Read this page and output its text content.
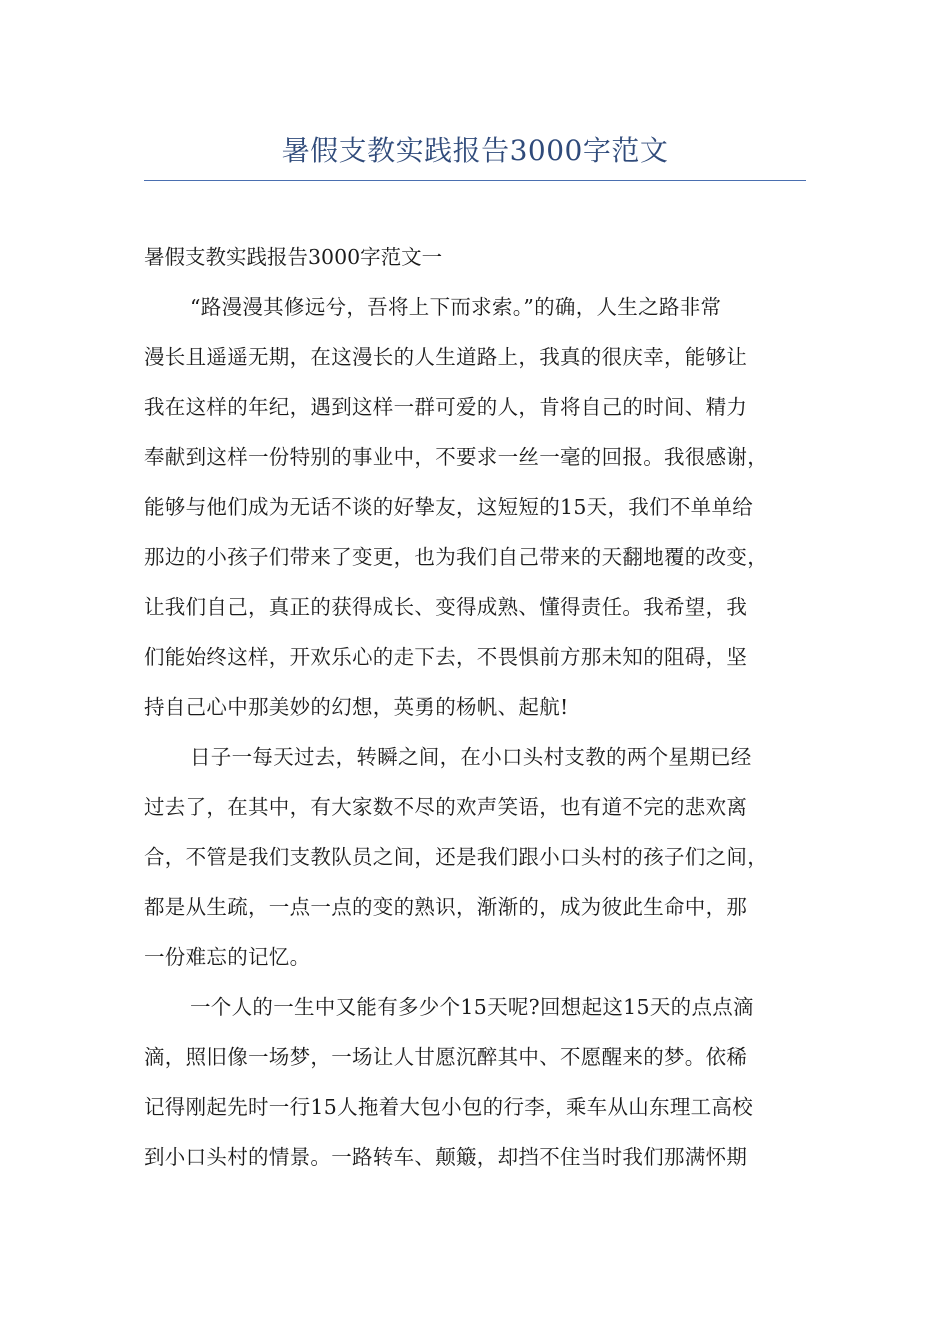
暑假支教实践报告3000字范文
暑假支教实践报告3000字范文一
“路漫漫其修远兮，吾将上下而求索。”的确，人生之路非常
漫长且遥遥无期，在这漫长的人生道路上，我真的很庆幸，能够让
我在这样的年纪，遇到这样一群可爱的人，肯将自己的时间、精力
奉献到这样一份特别的事业中，不要求一丝一毫的回报。我很感谢，
能够与他们成为无话不谈的好挚友，这短短的15天，我们不单单给
那边的小孩子们带来了变更，也为我们自己带来的天翻地覆的改变，
让我们自己，真正的获得成长、变得成熟、懂得责任。我希望，我
们能始终这样，开欢乐心的走下去，不畏惧前方那未知的阻碍，坚
持自己心中那美妙的幻想，英勇的杨帆、起航!
日子一每天过去，转瞬之间，在小口头村支教的两个星期已经
过去了，在其中，有大家数不尽的欢声笑语，也有道不完的悲欢离
合，不管是我们支教队员之间，还是我们跟小口头村的孩子们之间，
都是从生疏，一点一点的变的熟识，渐渐的，成为彼此生命中，那
一份难忘的记忆。
一个人的一生中又能有多少个15天呢?回想起这15天的点点滴
滴，照旧像一场梦，一场让人甘愿沉醉其中、不愿醒来的梦。依稀
记得刚起先时一行15人拖着大包小包的行李，乘车从山东理工高校
到小口头村的情景。一路转车、颠簸，却挡不住当时我们那满怀期
